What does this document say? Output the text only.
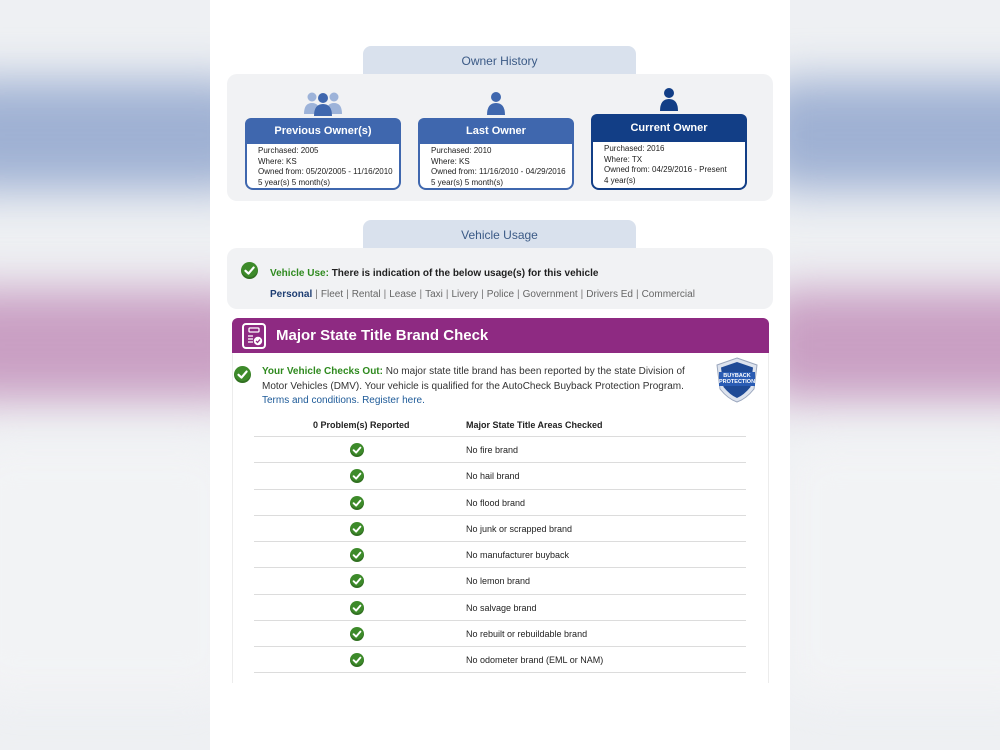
Owner History
Previous Owner(s)
Purchased: 2005
Where: KS
Owned from: 05/20/2005 - 11/16/2010
5 year(s) 5 month(s)
Last Owner
Purchased: 2010
Where: KS
Owned from: 11/16/2010 - 04/29/2016
5 year(s) 5 month(s)
Current Owner
Purchased: 2016
Where: TX
Owned from: 04/29/2016 - Present
4 year(s)
Vehicle Usage
Vehicle Use: There is indication of the below usage(s) for this vehicle
Personal | Fleet | Rental | Lease | Taxi | Livery | Police | Government | Drivers Ed | Commercial
Major State Title Brand Check
Your Vehicle Checks Out: No major state title brand has been reported by the state Division of Motor Vehicles (DMV). Your vehicle is qualified for the AutoCheck Buyback Protection Program. Terms and conditions. Register here.
BUYBACK PROTECTION
0 Problem(s) Reported	Major State Title Areas Checked
No fire brand
No hail brand
No flood brand
No junk or scrapped brand
No manufacturer buyback
No lemon brand
No salvage brand
No rebuilt or rebuildable brand
No odometer brand (EML or NAM)
